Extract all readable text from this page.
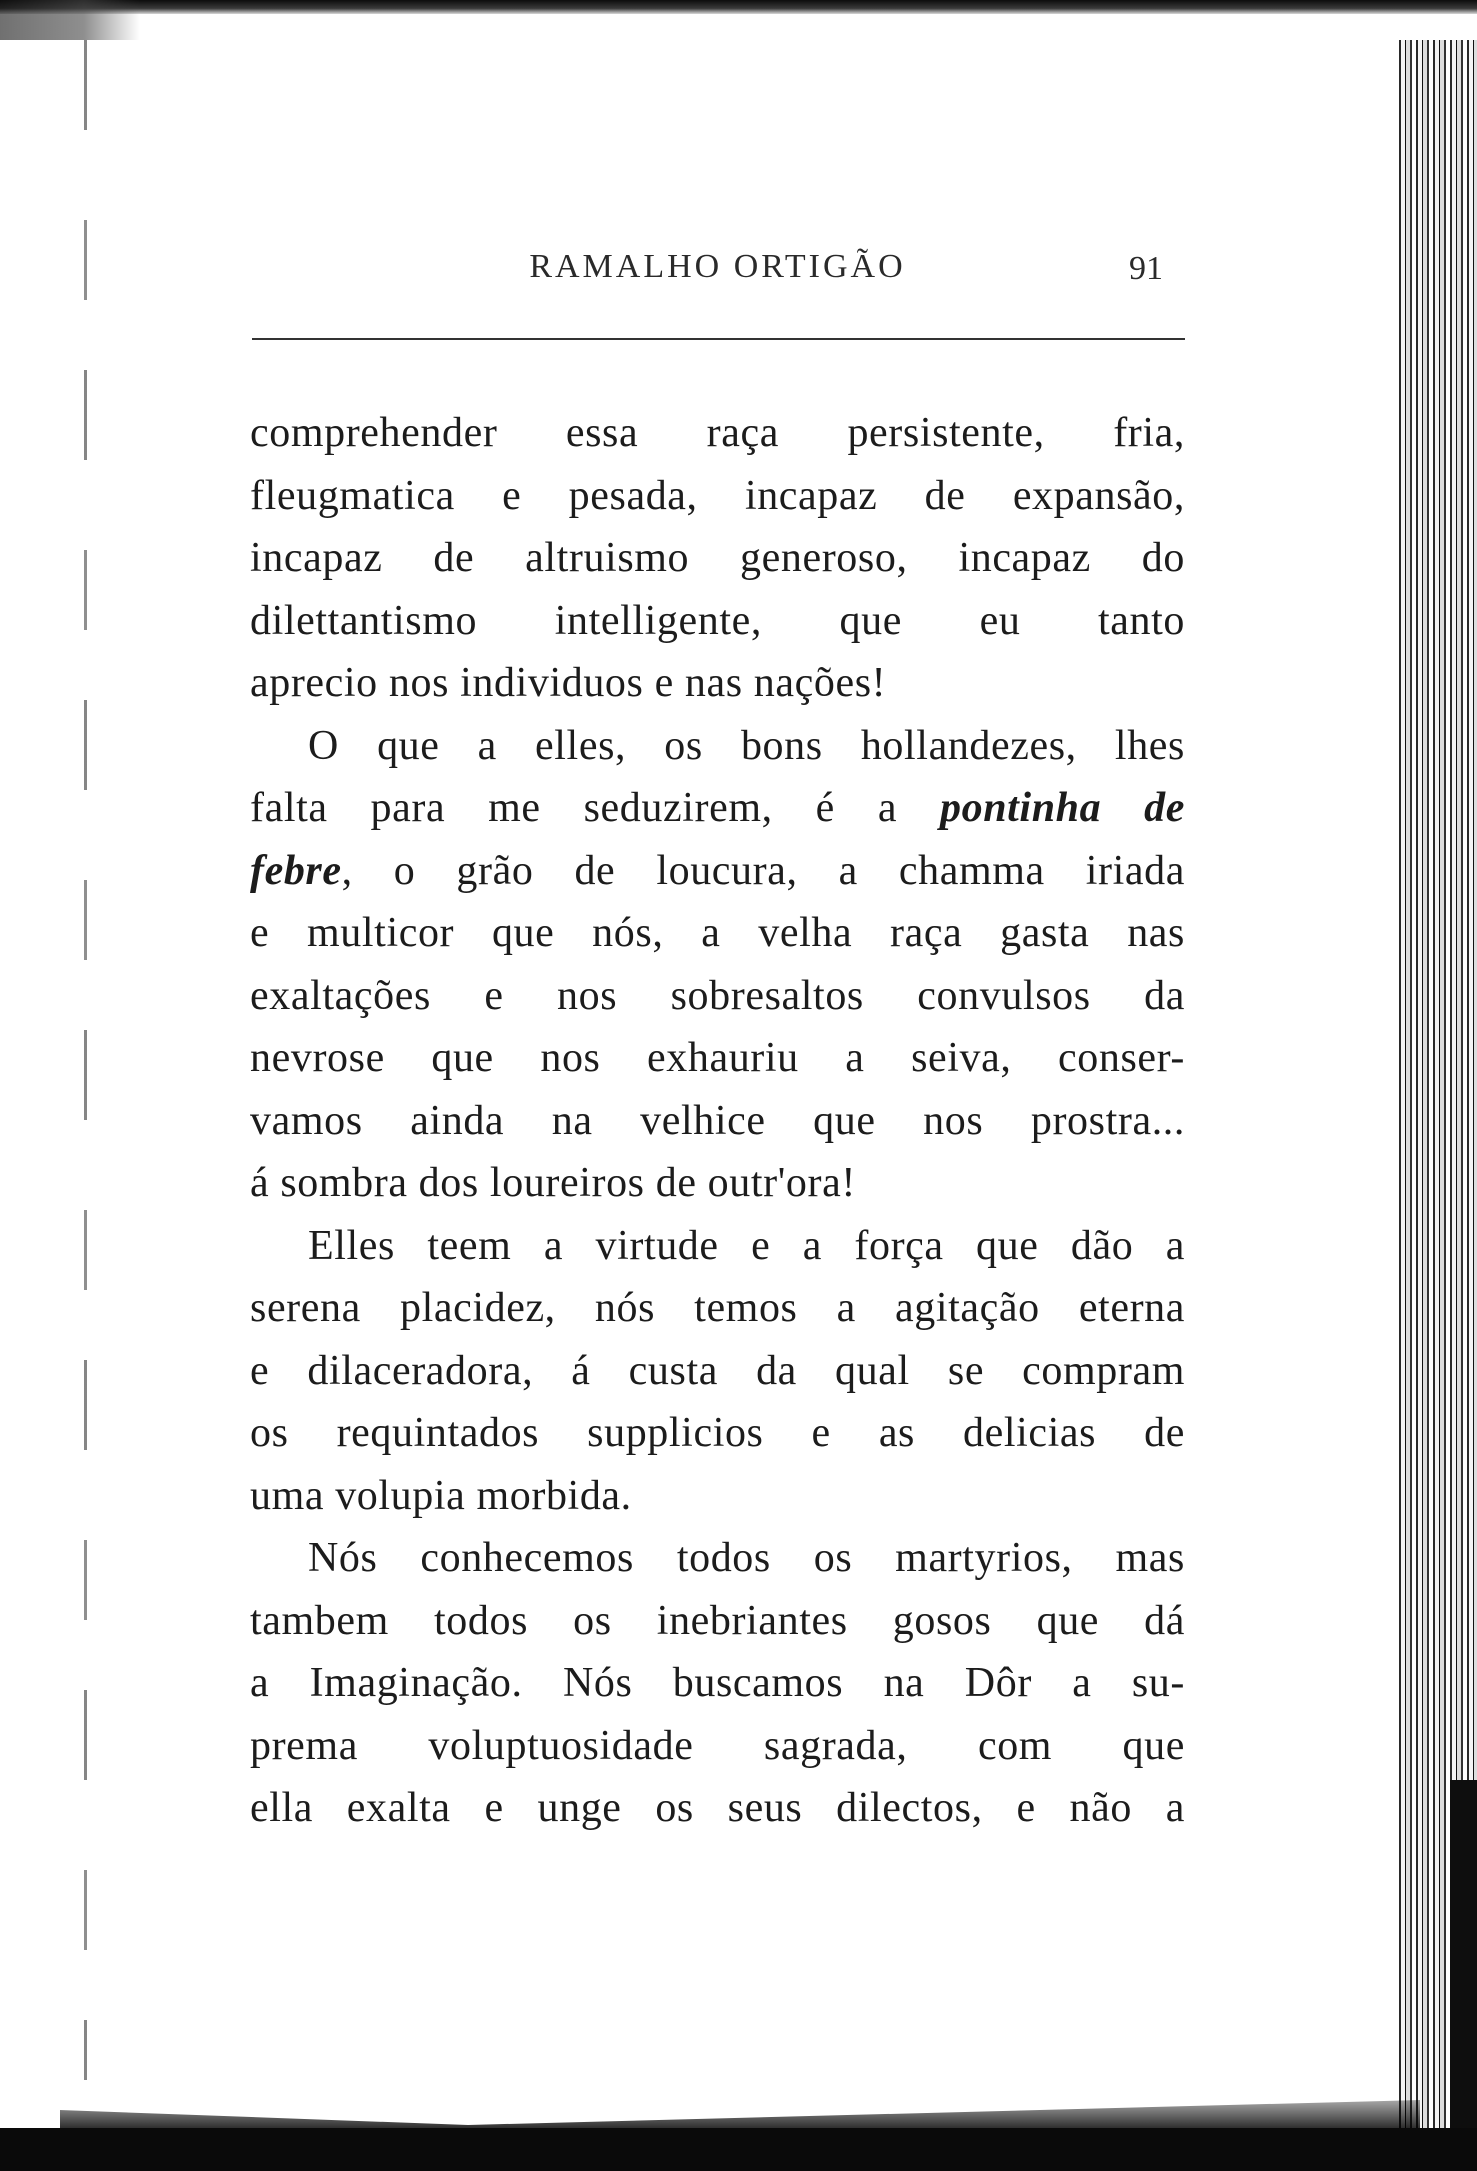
RAMALHO ORTIGÃO	91
comprehender essa raça persistente, fria,
fleugmatica e pesada, incapaz de expansão,
incapaz de altruismo generoso, incapaz do
dilettantismo intelligente, que eu tanto
aprecio nos individuos e nas nações!
O que a elles, os bons hollandezes, lhes
falta para me seduzirem, é a pontinha de
febre, o grão de loucura, a chamma iriada
e multicor que nós, a velha raça gasta nas
exaltações e nos sobresaltos convulsos da
nevrose que nos exhauriu a seiva, conser-
vamos ainda na velhice que nos prostra...
á sombra dos loureiros de outr'ora!
Elles teem a virtude e a força que dão a
serena placidez, nós temos a agitação eterna
e dilaceradora, á custa da qual se compram
os requintados supplicios e as delicias de
uma volupia morbida.
Nós conhecemos todos os martyrios, mas
tambem todos os inebriantes gosos que dá
a Imaginação. Nós buscamos na Dôr a su-
prema voluptuosidade sagrada, com que
ella exalta e unge os seus dilectos, e não a
